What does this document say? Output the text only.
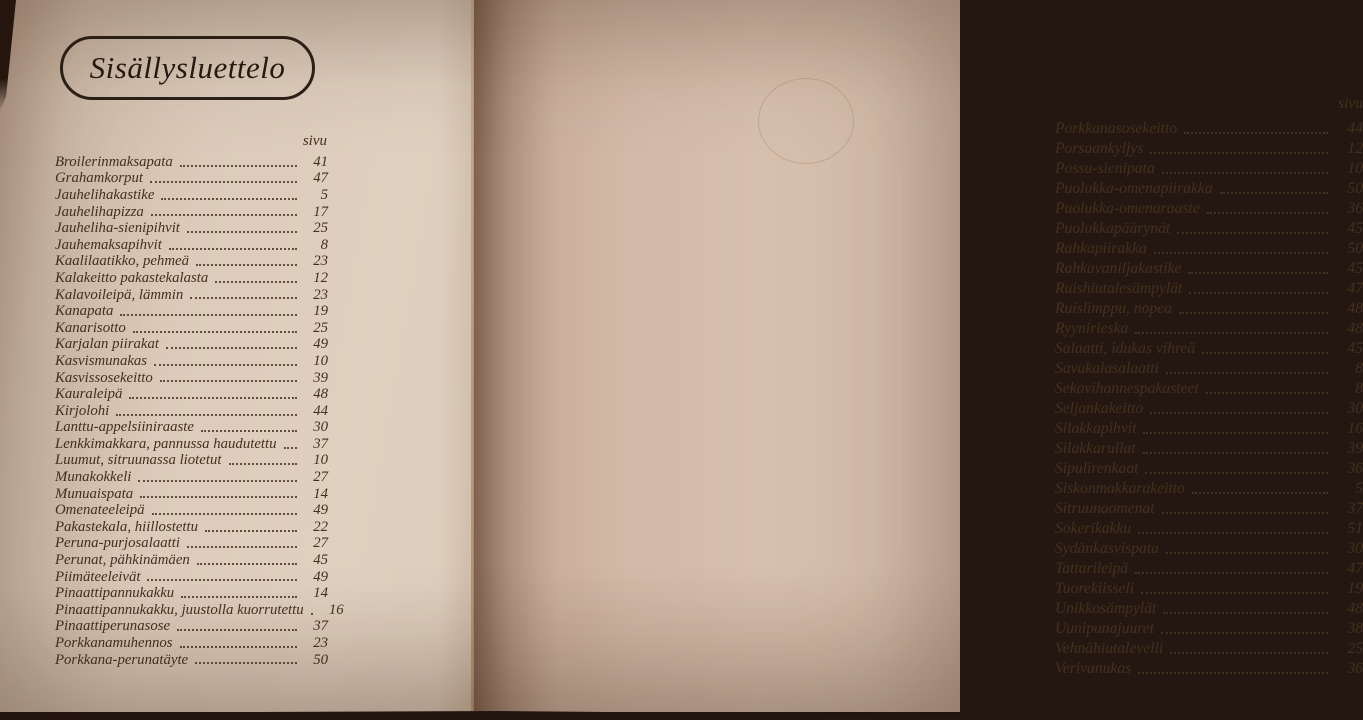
Sisällysluettelo
sivu
Broilerinmaksapata	41
Grahamkorput	47
Jauhelihakastike	5
Jauhelihapizza	17
Jauheliha-sienipihvit	25
Jauhemaksapihvit	8
Kaalilaatikko, pehmeä	23
Kalakeitto pakastekalasta	12
Kalavoileipä, lämmin	23
Kanapata	19
Kanarisotto	25
Karjalan piirakat	49
Kasvismunakas	10
Kasvissosekeitto	39
Kauraleipä	48
Kirjolohi	44
Lanttu-appelsiiniraaste	30
Lenkkimakkara, pannussa haudutettu	37
Luumut, sitruunassa liotetut	10
Munakokkeli	27
Munuaispata	14
Omenateeleipä	49
Pakastekala, hiillostettu	22
Peruna-purjosalaatti	27
Perunat, pähkinämäen	45
Piimäteeleivät	49
Pinaattipannukakku	14
Pinaattipannukakku, juustolla kuorrutettu	16
Pinaattiperunasose	37
Porkkanamuhennos	23
Porkkana-perunatäyte	50
sivu
Porkkanasosekeitto	44
Porsaankyljys	12
Possu-sienipata	10
Puolukka-omenapiirakka	50
Puolukka-omenaraaste	36
Puolukkapäärynät	45
Rahkapiirakka	50
Rahkavaniljakastike	45
Ruishiutalesämpylät	47
Ruislimppu, nopea	48
Ryynirieska	48
Salaatti, idukas vihreä	45
Savukalasalaatti	8
Sekavihannespakasteet	8
Seljankakeitto	30
Silakkapihvit	16
Silakkarullat	39
Sipulirenkaat	36
Siskonmakkarakeitto	5
Sitruunaomenat	37
Sokerikakku	51
Sydänkasvispata	30
Tattarileipä	47
Tuorekiisseli	19
Unikkosämpylät	48
Uunipunajuuret	38
Vehnähiutalevelli	25
Verivanukas	36
